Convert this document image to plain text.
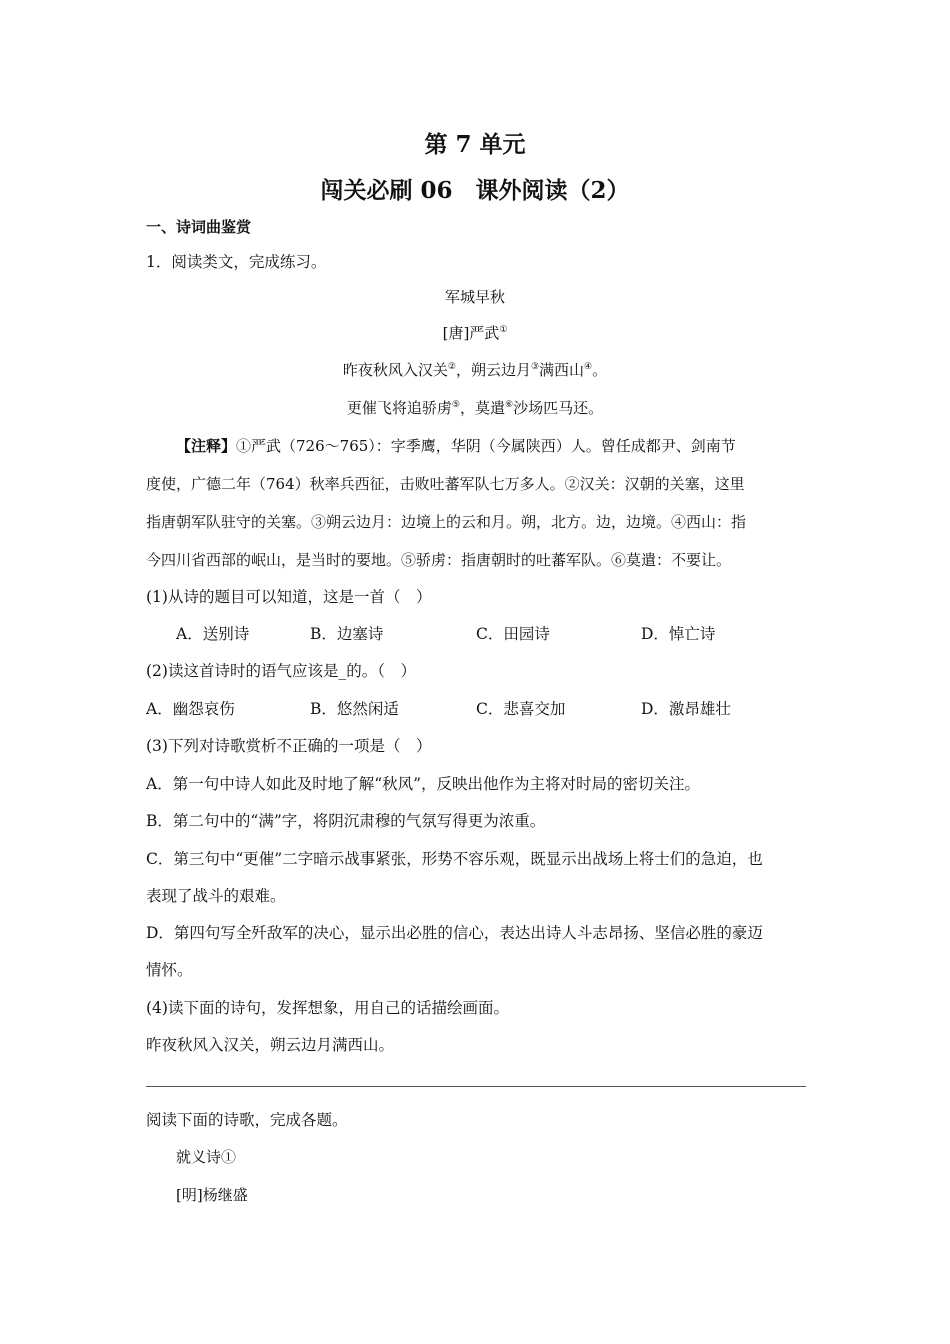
第 7 单元
闯关必刷 06　课外阅读（2）
一、诗词曲鉴赏
1．阅读类文，完成练习。
军城早秋
[唐]严武①
昨夜秋风入汉关②，朔云边月③满西山④。
更催飞将追骄虏⑤，莫遣⑥沙场匹马还。
【注释】①严武（726～765）：字季鹰，华阴（今属陕西）人。曾任成都尹、剑南节
度使，广德二年（764）秋率兵西征，击败吐蕃军队七万多人。②汉关：汉朝的关塞，这里
指唐朝军队驻守的关塞。③朔云边月：边境上的云和月。朔，北方。边，边境。④西山：指
今四川省西部的岷山，是当时的要地。⑤骄虏：指唐朝时的吐蕃军队。⑥莫遣：不要让。
(1)从诗的题目可以知道，这是一首（　）
A．送别诗	B．边塞诗	C．田园诗	D．悼亡诗
(2)读这首诗时的语气应该是_的。（　）
A．幽怨哀伤	B．悠然闲适	C．悲喜交加	D．激昂雄壮
(3)下列对诗歌赏析不正确的一项是（　）
A．第一句中诗人如此及时地了解“秋风”，反映出他作为主将对时局的密切关注。
B．第二句中的“满”字，将阴沉肃穆的气氛写得更为浓重。
C．第三句中“更催”二字暗示战事紧张，形势不容乐观，既显示出战场上将士们的急迫，也
表现了战斗的艰难。
D．第四句写全歼敌军的决心，显示出必胜的信心，表达出诗人斗志昂扬、坚信必胜的豪迈
情怀。
(4)读下面的诗句，发挥想象，用自己的话描绘画面。
昨夜秋风入汉关，朔云边月满西山。
阅读下面的诗歌，完成各题。
就义诗①
[明]杨继盛
